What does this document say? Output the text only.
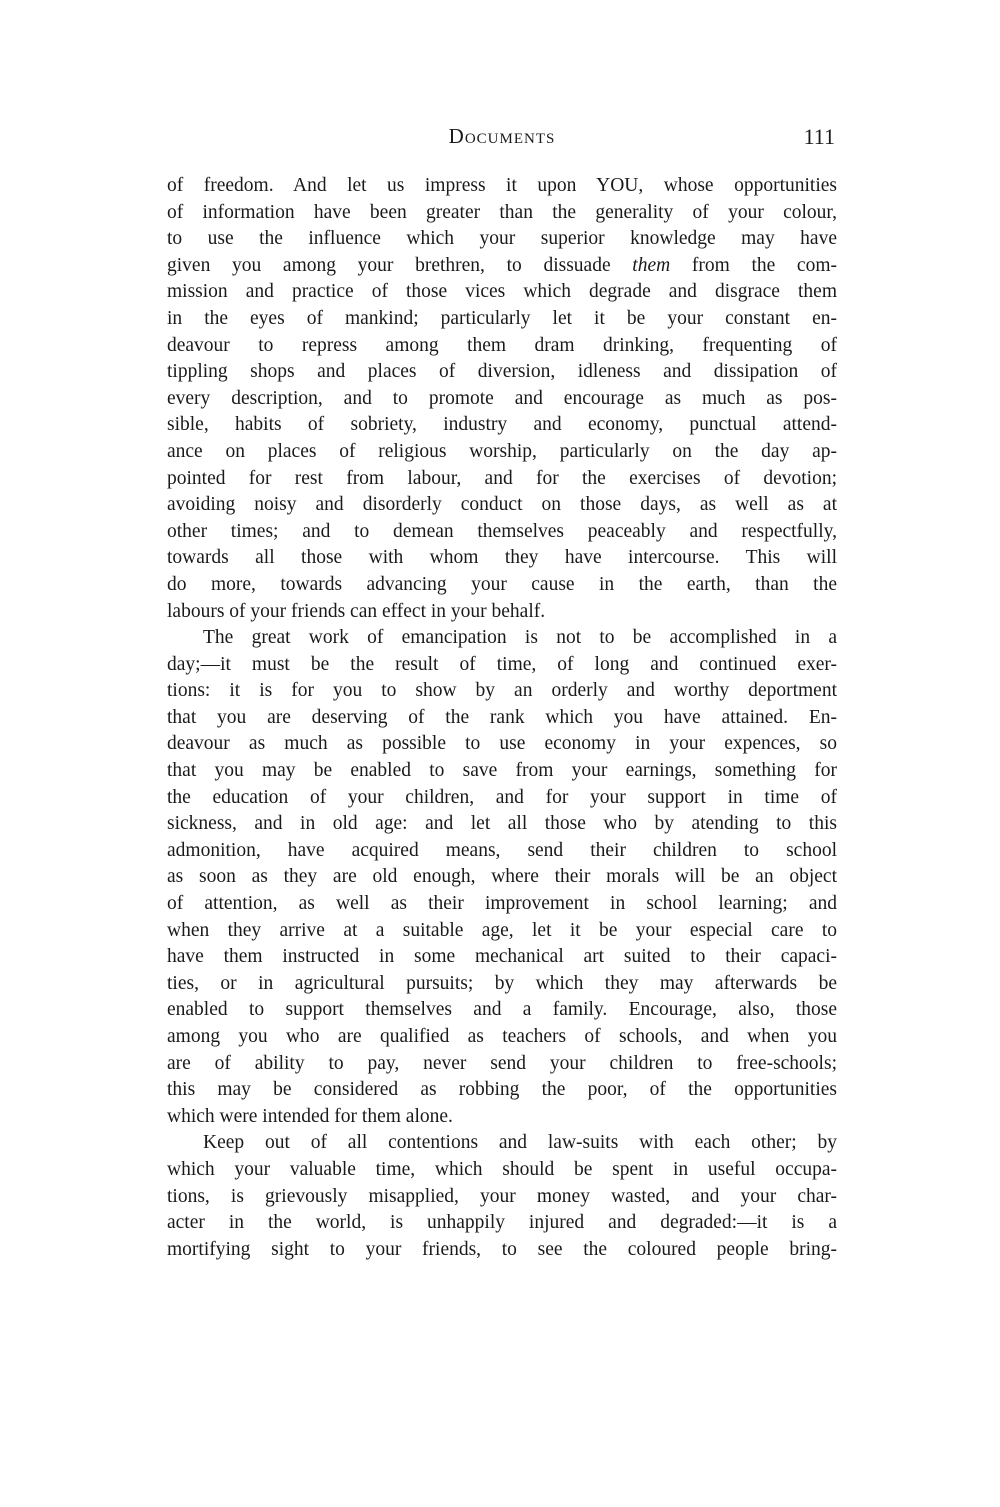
Documents	111
of freedom. And let us impress it upon YOU, whose opportunities
of information have been greater than the generality of your colour,
to use the influence which your superior knowledge may have
given you among your brethren, to dissuade them from the com-
mission and practice of those vices which degrade and disgrace them
in the eyes of mankind; particularly let it be your constant en-
deavour to repress among them dram drinking, frequenting of
tippling shops and places of diversion, idleness and dissipation of
every description, and to promote and encourage as much as pos-
sible, habits of sobriety, industry and economy, punctual attend-
ance on places of religious worship, particularly on the day ap-
pointed for rest from labour, and for the exercises of devotion;
avoiding noisy and disorderly conduct on those days, as well as at
other times; and to demean themselves peaceably and respectfully,
towards all those with whom they have intercourse. This will
do more, towards advancing your cause in the earth, than the
labours of your friends can effect in your behalf.
The great work of emancipation is not to be accomplished in a
day;—it must be the result of time, of long and continued exer-
tions: it is for you to show by an orderly and worthy deportment
that you are deserving of the rank which you have attained. En-
deavour as much as possible to use economy in your expences, so
that you may be enabled to save from your earnings, something for
the education of your children, and for your support in time of
sickness, and in old age: and let all those who by atending to this
admonition, have acquired means, send their children to school
as soon as they are old enough, where their morals will be an object
of attention, as well as their improvement in school learning; and
when they arrive at a suitable age, let it be your especial care to
have them instructed in some mechanical art suited to their capaci-
ties, or in agricultural pursuits; by which they may afterwards be
enabled to support themselves and a family. Encourage, also, those
among you who are qualified as teachers of schools, and when you
are of ability to pay, never send your children to free-schools;
this may be considered as robbing the poor, of the opportunities
which were intended for them alone.
Keep out of all contentions and law-suits with each other; by
which your valuable time, which should be spent in useful occupa-
tions, is grievously misapplied, your money wasted, and your char-
acter in the world, is unhappily injured and degraded:—it is a
mortifying sight to your friends, to see the coloured people bring-
